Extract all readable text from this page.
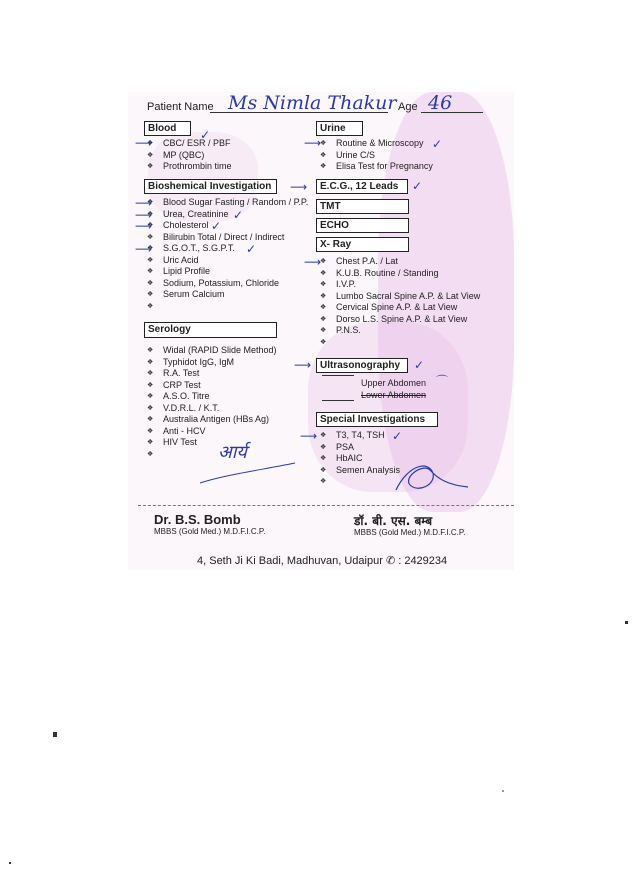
Patient Name Ms Nimla Thakur Age 46
Blood
❖ CBC/ ESR / PBF
❖ MP (QBC)
❖ Prothrombin time
Urine
❖ Routine & Microscopy
❖ Urine C/S
❖ Elisa Test for Pregnancy
Bioshemical Investigation
❖ Blood Sugar Fasting / Random / P.P.
❖ Urea, Creatinine
❖ Cholesterol
❖ Bilirubin Total / Direct / Indirect
❖ S.G.O.T., S.G.P.T.
❖ Uric Acid
❖ Lipid Profile
❖ Sodium, Potassium, Chloride
❖ Serum Calcium
E.C.G., 12 Leads
TMT
ECHO
X- Ray
❖ Chest P.A. / Lat
❖ K.U.B. Routine / Standing
❖ I.V.P.
❖ Lumbo Sacral Spine A.P. & Lat View
❖ Cervical Spine A.P. & Lat View
❖ Dorso L.S. Spine A.P. & Lat View
❖ P.N.S.
Serology
❖ Widal (RAPID Slide Method)
❖ Typhidot IgG, IgM
❖ R.A. Test
❖ CRP Test
❖ A.S.O. Titre
❖ V.D.R.L. / K.T.
❖ Australia Antigen (HBs Ag)
❖ Anti - HCV
❖ HIV Test
Ultrasonography
Upper Abdomen
Lower Abdomen
Special Investigations
❖ T3, T4, TSH
❖ PSA
❖ HbAIC
❖ Semen Analysis
⟶
✓
⟶	✓
⟶
⟶	✓
⟶	✓
⟶	✓
⟶	✓
⟶
⟶	✓
⌒
⟶	✓
आर्य
Dr. B.S. Bomb
MBBS (Gold Med.) M.D.F.I.C.P.
डॉ. बी. एस. बम्ब
MBBS (Gold Med.) M.D.F.I.C.P.
4, Seth Ji Ki Badi, Madhuvan, Udaipur ✆ : 2429234
